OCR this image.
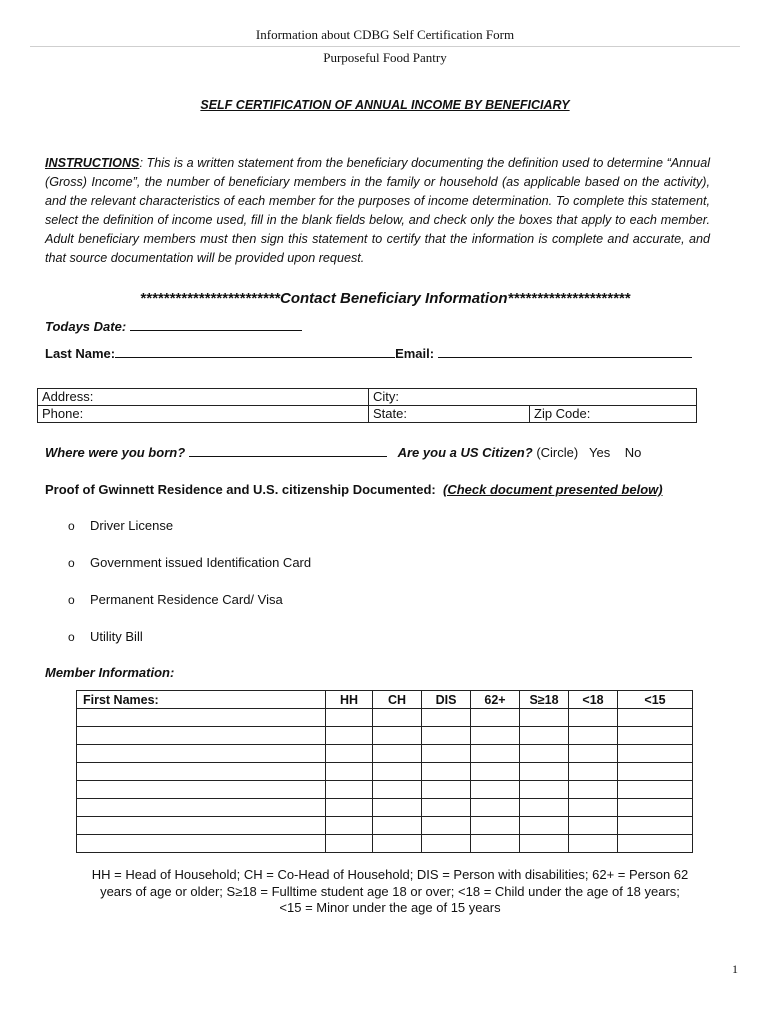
Information about CDBG Self Certification Form
Purposeful Food Pantry
SELF CERTIFICATION OF ANNUAL INCOME BY BENEFICIARY
INSTRUCTIONS: This is a written statement from the beneficiary documenting the definition used to determine “Annual (Gross) Income”, the number of beneficiary members in the family or household (as applicable based on the activity), and the relevant characteristics of each member for the purposes of income determination. To complete this statement, select the definition of income used, fill in the blank fields below, and check only the boxes that apply to each member. Adult beneficiary members must then sign this statement to certify that the information is complete and accurate, and that source documentation will be provided upon request.
************************Contact Beneficiary Information*********************
Todays Date:
Last Name:	Email:
Address:	City:	
Phone:	State:	Zip Code:
Where were you born?	Are you a US Citizen? (Circle) Yes No
Proof of Gwinnett Residence and U.S. citizenship Documented: (Check document presented below)
o Driver License
o Government issued Identification Card
o Permanent Residence Card/ Visa
o Utility Bill
Member Information:
First Names:	HH	CH	DIS	62+	S≥18	<18	<15

HH = Head of Household; CH = Co-Head of Household; DIS = Person with disabilities; 62+ = Person 62
years of age or older; S≥18 = Fulltime student age 18 or over; <18 = Child under the age of 18 years;
<15 = Minor under the age of 15 years
1
